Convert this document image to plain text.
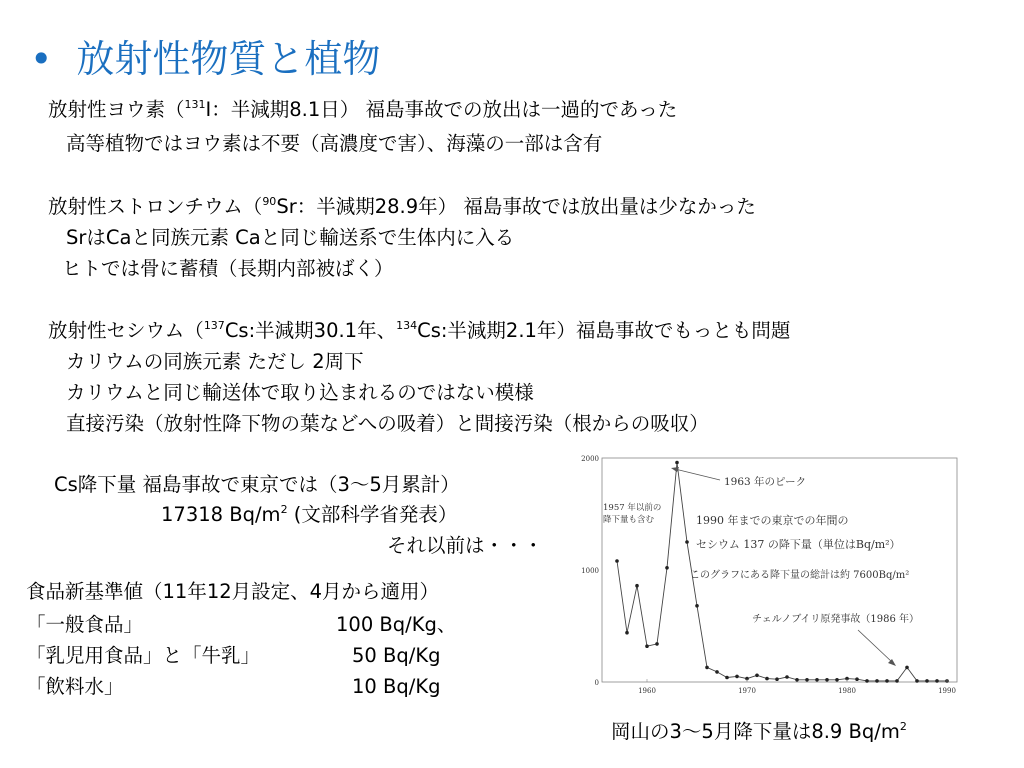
• 放射性物質と植物
放射性ヨウ素（$^{131}$I：半減期8.1日） 福島事故での放出は一過的であった
高等植物ではヨウ素は不要（高濃度で害）、海藻の一部は含有
放射性ストロンチウム（$^{90}$Sr：半減期28.9年） 福島事故では放出量は少なかった
SrはCaと同族元素 Caと同じ輸送系で生体内に入る
ヒトでは骨に蓄積（長期内部被ばく）
放射性セシウム（$^{137}$Cs:半減期30.1年、$^{134}$Cs:半減期2.1年）福島事故でもっとも問題
カリウムの同族元素 ただし 2周下
カリウムと同じ輸送体で取り込まれるのではない模様
直接汚染（放射性降下物の葉などへの吸着）と間接汚染（根からの吸収）
Cs降下量 福島事故で東京では（3～5月累計）
17318 $Bq/m^2$ (文部科学省発表）
それ以前は・・・
食品新基準値（11年12月設定、4月から適用）
「一般食品」	100 Bq/Kg、
「乳児用食品」と「牛乳」	50 Bq/Kg
「飲料水」	10 Bq/Kg
岡山の3～5月降下量は8.9 $Bq/m^2$
0
1000
2000
1960	1970	1980	1990
1963 年のピーク
1957 年以前の
降下量も含む	1990 年までの東京での年間の
セシウム 137 の降下量（単位はBq/m²）
このグラフにある降下量の総計は約 7600Bq/m²
チェルノブイリ原発事故（1986 年）
